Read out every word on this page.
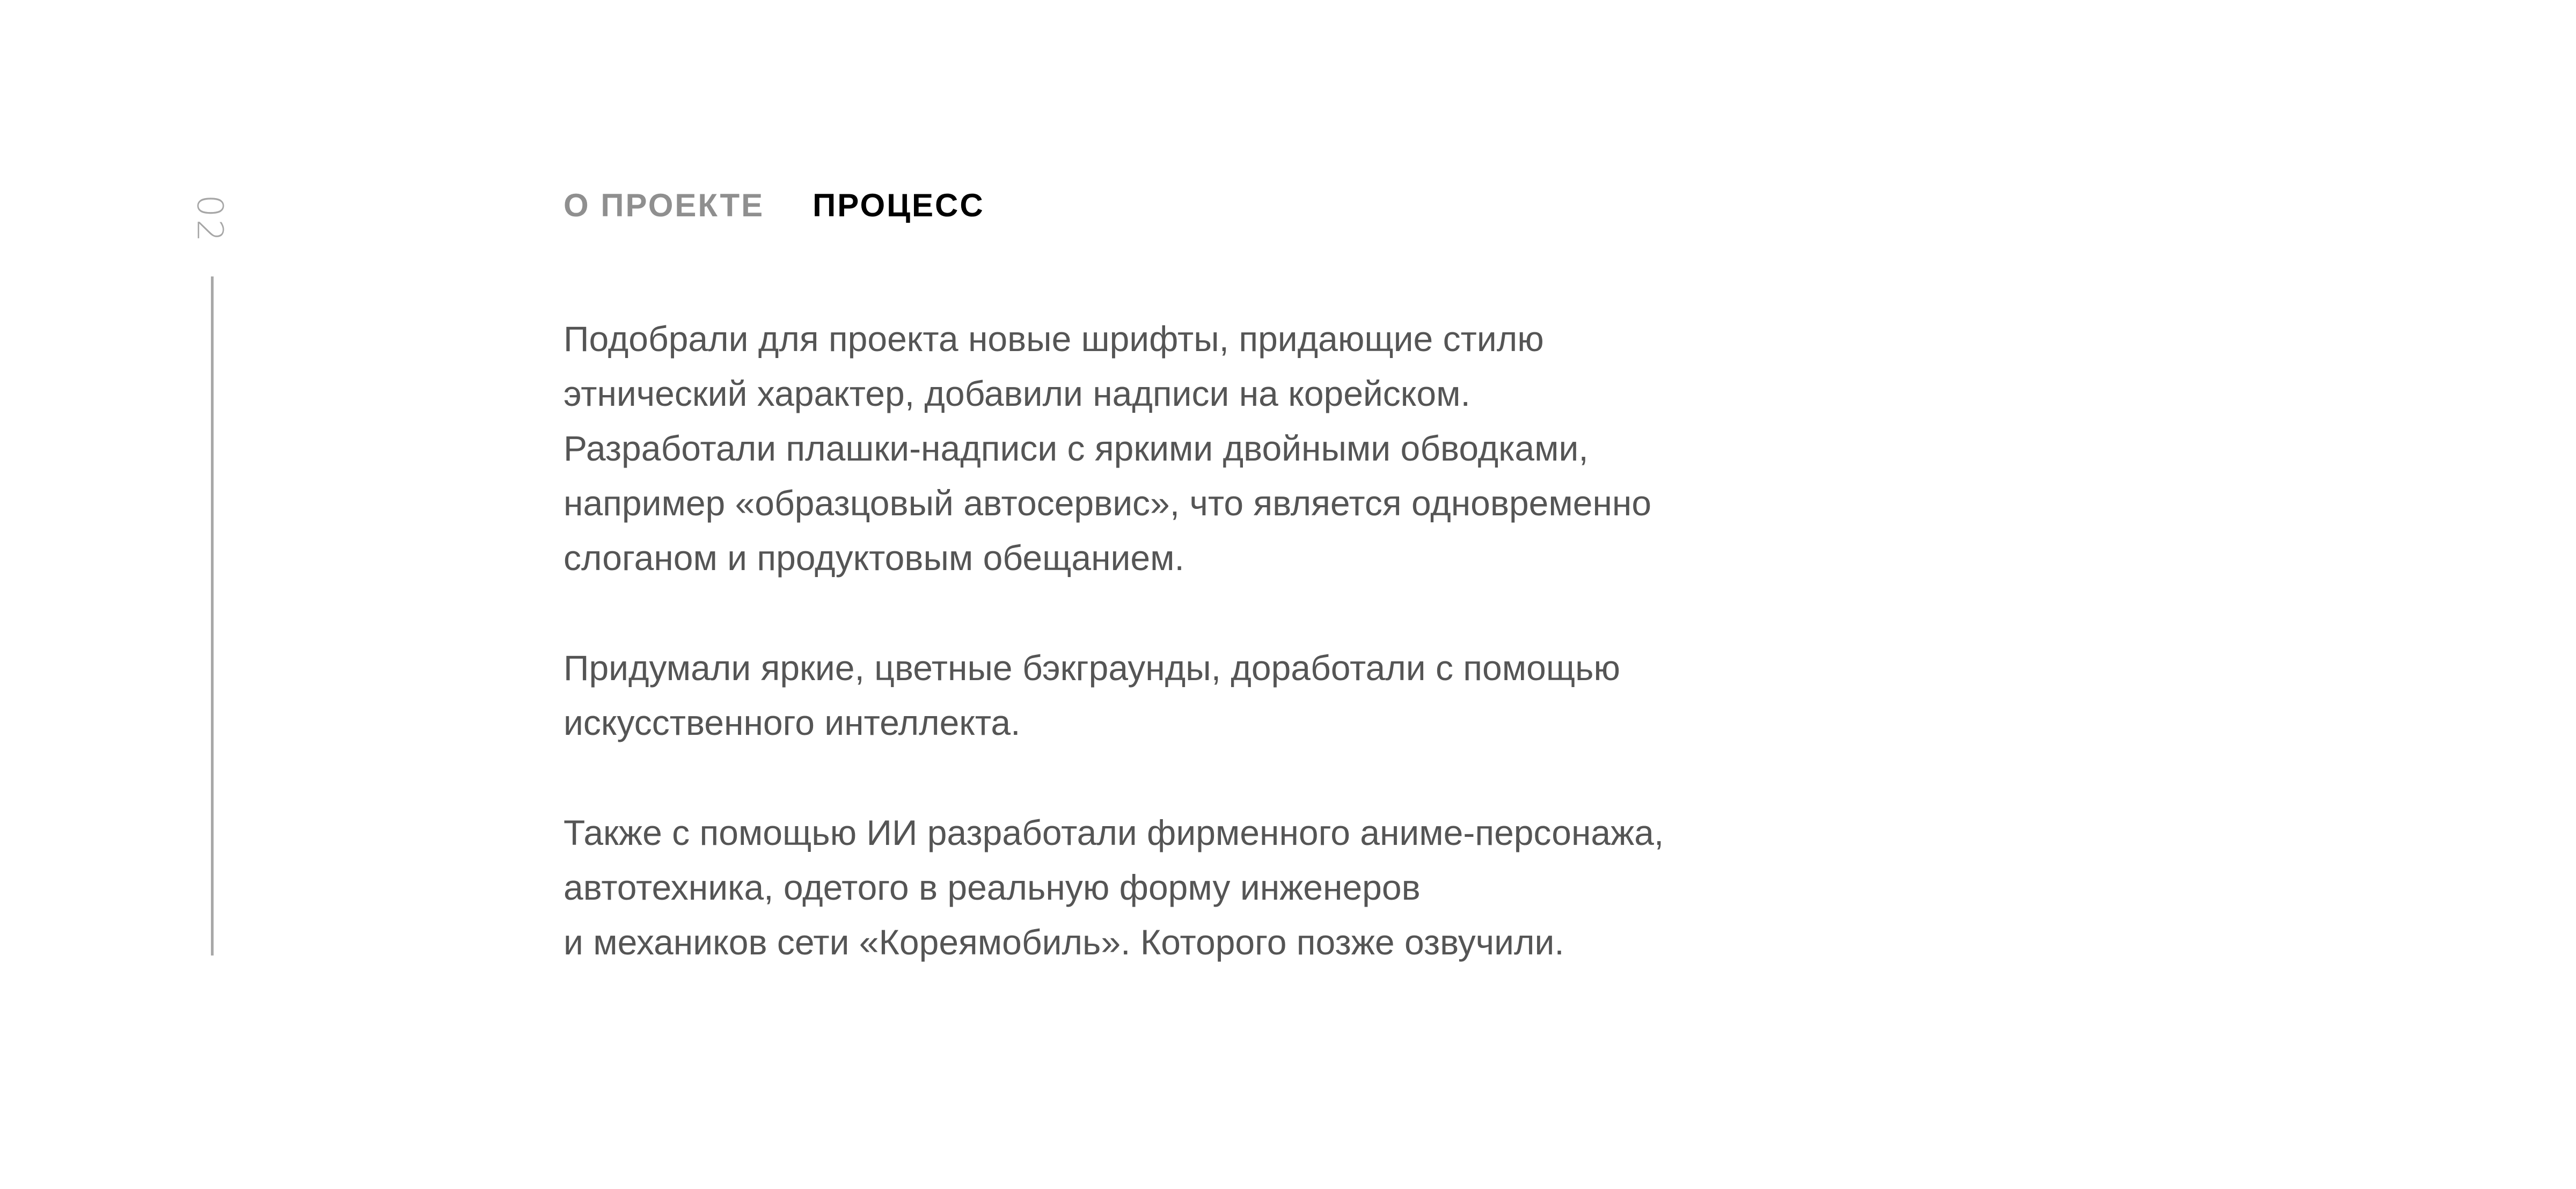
02	О ПРОЕКТЕ ПРОЦЕСС

Подобрали для проекта новые шрифты, придающие стилю
этнический характер, добавили надписи на корейском.
Разработали плашки-надписи с яркими двойными обводками,
например «образцовый автосервис», что является одновременно
слоганом и продуктовым обещанием.

Придумали яркие, цветные бэкграунды, доработали с помощью
искусственного интеллекта.

Также с помощью ИИ разработали фирменного аниме-персонажа,
автотехника, одетого в реальную форму инженеров
и механиков сети «Кореямобиль». Которого позже озвучили.
